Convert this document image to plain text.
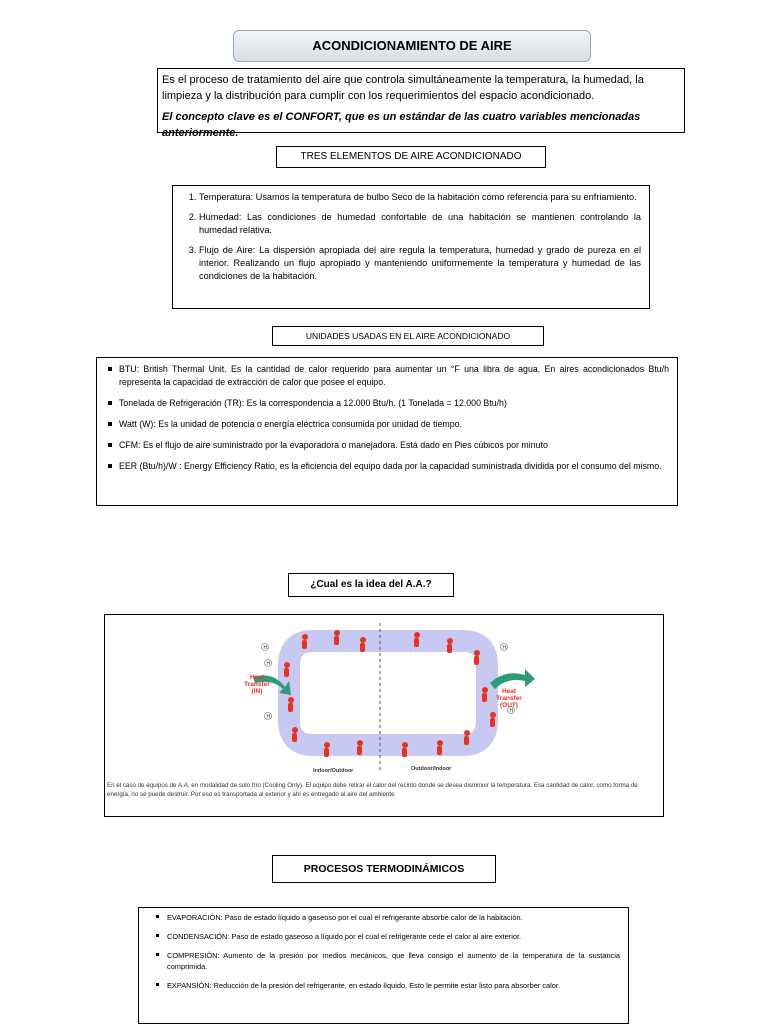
ACONDICIONAMIENTO DE AIRE

Es el proceso de tratamiento del aire que controla simultáneamente la temperatura, la humedad, la limpieza y la distribución para cumplir con los requerimientos del espacio acondicionado.

El concepto clave es el CONFORT, que es un estándar de las cuatro variables mencionadas anteriormente.

TRES ELEMENTOS DE AIRE ACONDICIONADO
1. Temperatura: Usamos la temperatura de bulbo Seco de la habitación como referencia para su enfriamiento.
2. Humedad: Las condiciones de humedad confortable de una habitación se mantienen controlando la humedad relativa.
3. Flujo de Aire: La dispersión apropiada del aire regula la temperatura, humedad y grado de pureza en el interior. Realizando un flujo apropiado y manteniendo uniformemente la temperatura y humedad de las condiciones de la habitación.
UNIDADES USADAS EN EL AIRE ACONDICIONADO
BTU: British Thermal Unit. Es la cantidad de calor requerido para aumentar un °F una libra de agua. En aires acondicionados Btu/h representa la capacidad de extracción de calor que posee el equipo.
Tonelada de Refrigeración (TR): Es la correspondencia a 12.000 Btu/h. (1 Tonelada = 12.000 Btu/h)
Watt (W): Es la unidad de potencia o energía eléctrica consumida por unidad de tiempo.
CFM: Es el flujo de aire suministrado por la evaporadora o manejadora. Está dado en Pies cúbicos por minuto
EER (Btu/h)/W : Energy Efficiency Ratio, es la eficiencia del equipo dada por la capacidad suministrada dividida por el consumo del mismo.
¿Cual es la idea del A.A.?
H
H
H
H
H
Heat
Transfer
(IN)	Heat
Transfer
(OUT)
Indoor/Outdoor	Outdoor/Indoor
En el caso de equipos de A.A. en modalidad de solo frío (Cooling Only). El equipo debe retirar el calor del recinto donde se desea disminuir la temperatura. Esa cantidad de calor, como forma de energía, no se puede destruir. Por eso es transportada al exterior y ahí es entregado al aire del ambiente
PROCESOS TERMODINÁMICOS
EVAPORACIÓN: Paso de estado líquido a gaseoso por el cual el refrigerante absorbe calor de la habitación.
CONDENSACIÓN: Paso de estado gaseoso a líquido por el cual el refrigerante cede el calor al aire exterior.
COMPRESIÓN: Aumento de la presión por medios mecánicos, que lleva consigo el aumento de la temperatura de la sustancia comprimida.
EXPANSIÓN: Reducción de la presión del refrigerante, en estado líquido. Esto le permite estar listo para absorber calor.
